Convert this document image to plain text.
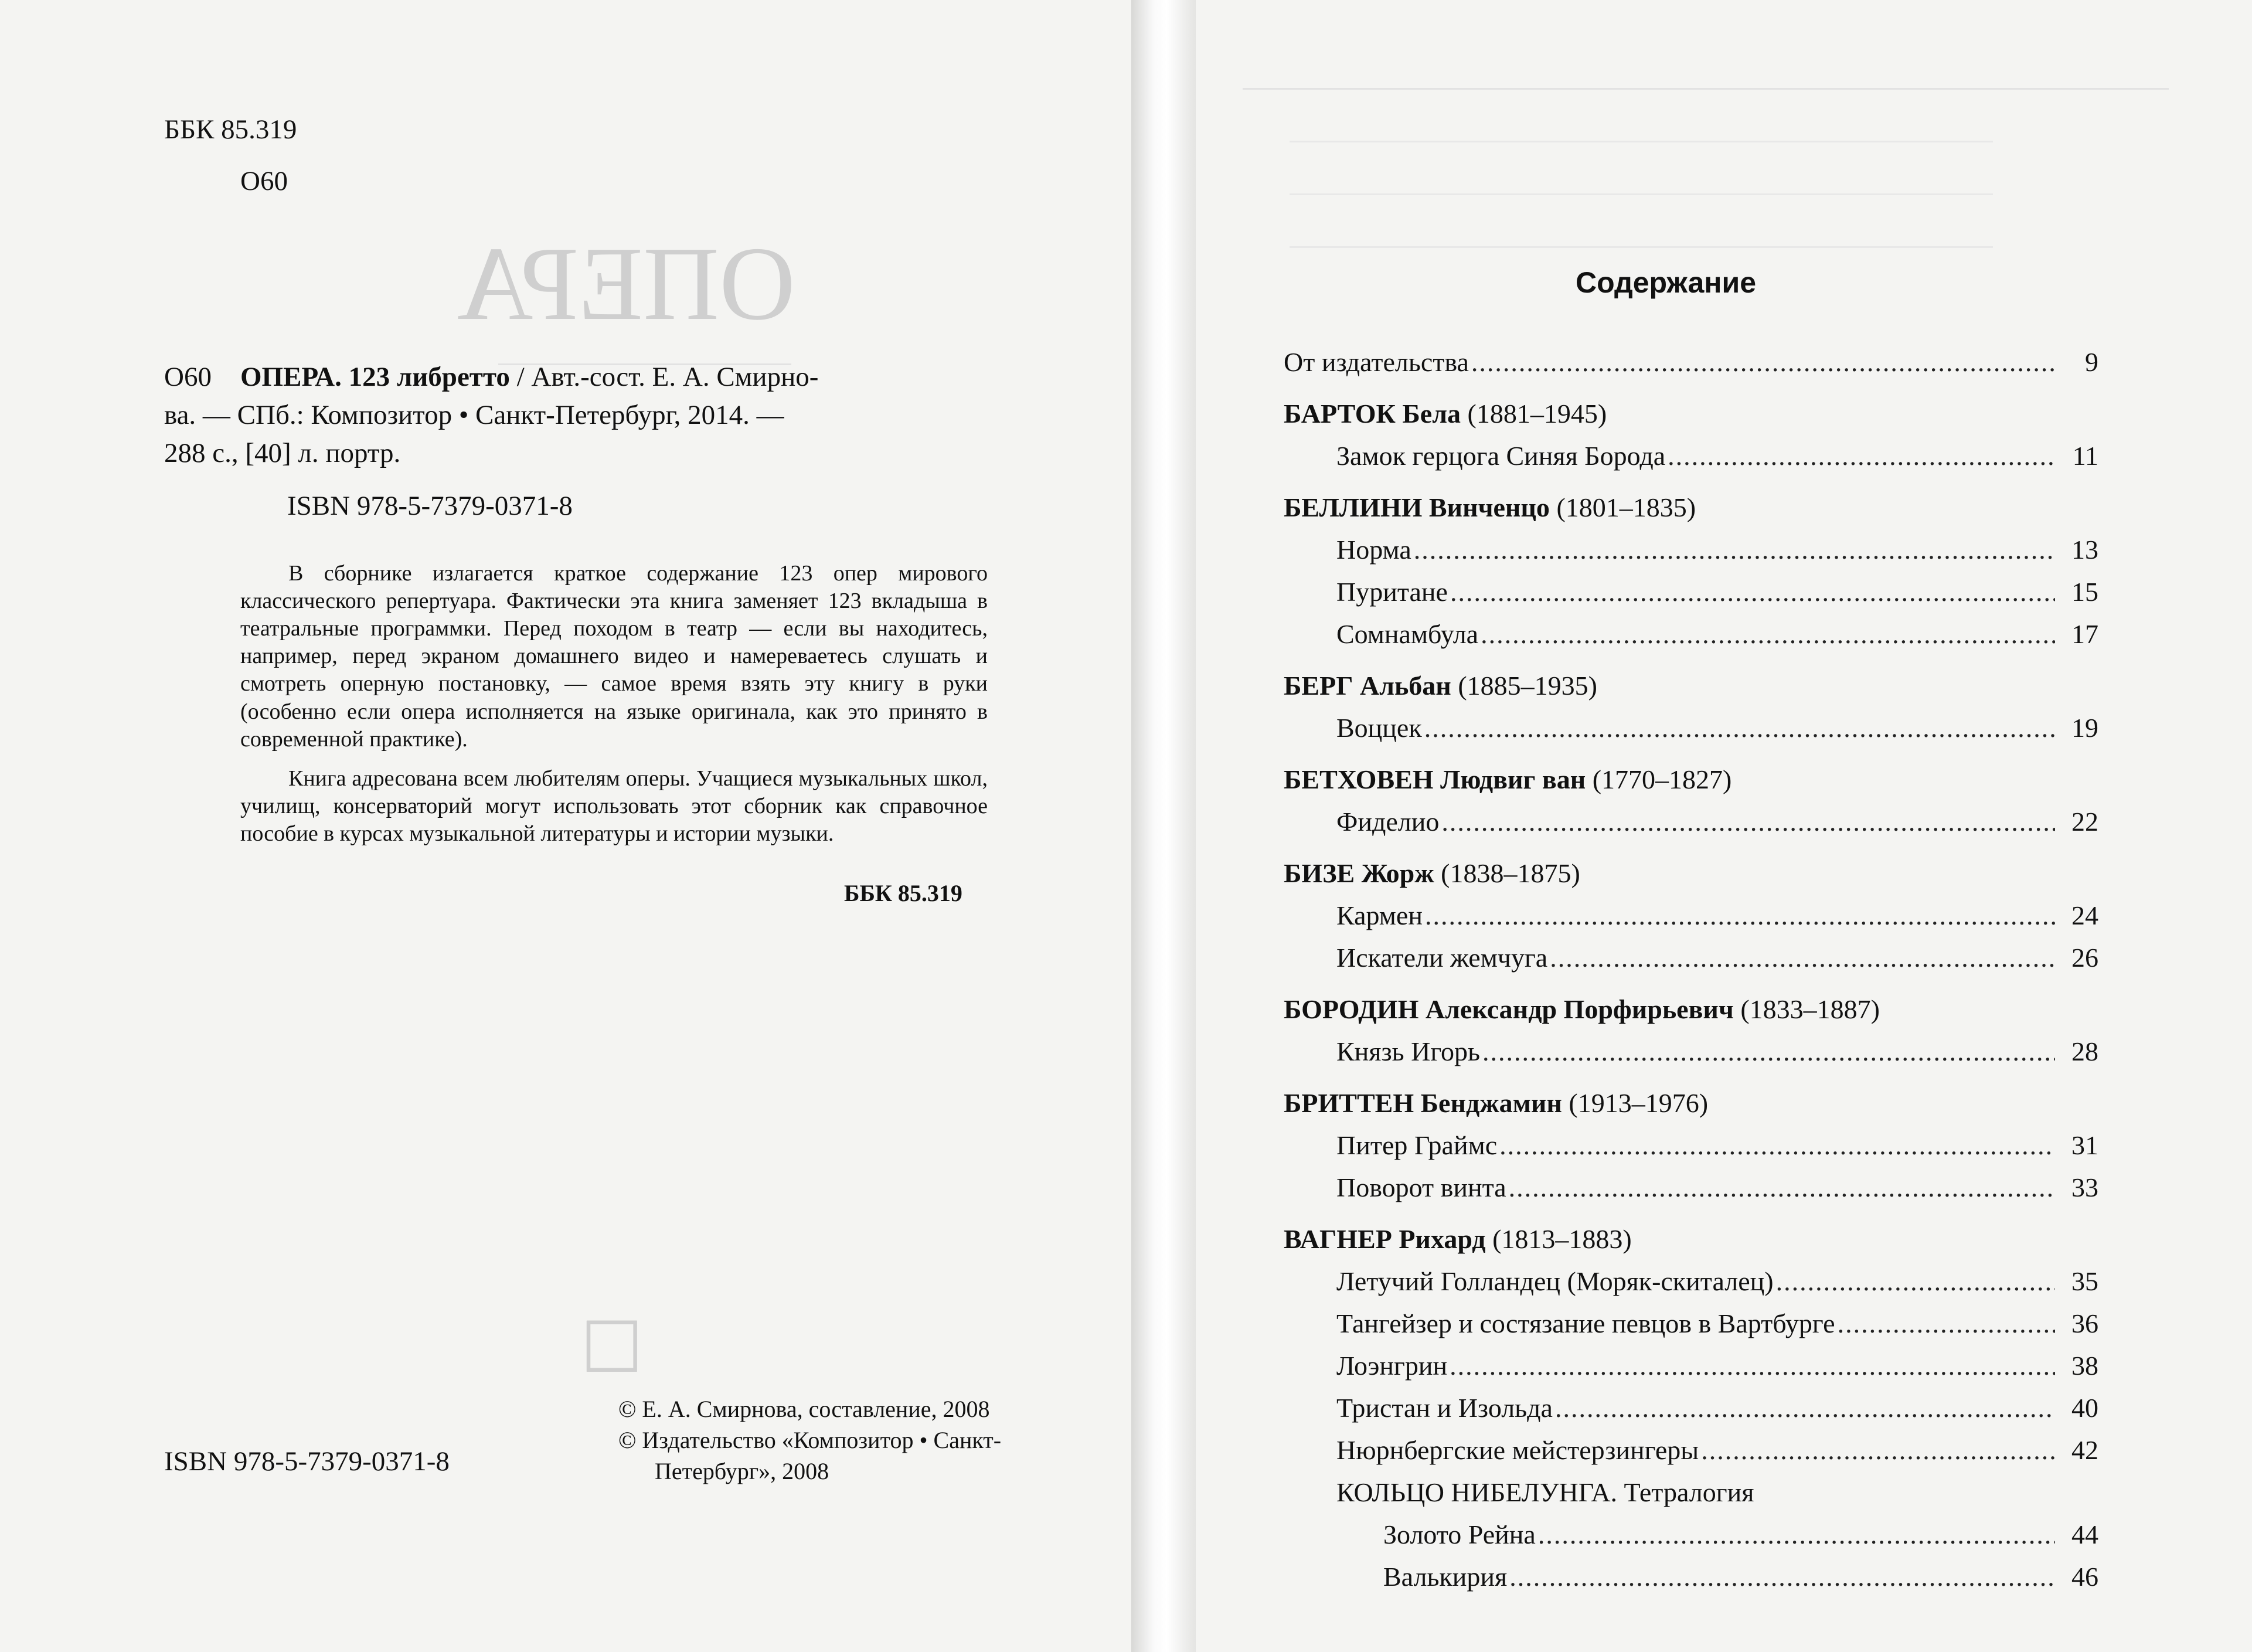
ОПЕРА
☐
ББК 85.319
О60
О60 ОПЕРА. 123 либретто / Авт.-сост. Е. А. Смирно-
ва. — СПб.: Композитор • Санкт-Петербург, 2014. —
288 с., [40] л. портр.
ISBN 978-5-7379-0371-8
В сборнике излагается краткое содержание 123 опер мирового классического репертуара. Фактически эта книга заменяет 123 вкладыша в театральные программки. Перед походом в театр — если вы находитесь, например, перед экраном домашнего видео и намереваетесь слушать и смотреть оперную постановку, — самое время взять эту книгу в руки (особенно если опера исполняется на языке оригинала, как это принято в современной практике).
Книга адресована всем любителям оперы. Учащиеся музыкальных школ, училищ, консерваторий могут использовать этот сборник как справочное пособие в курсах музыкальной литературы и истории музыки.
ББК 85.319
ISBN 978-5-7379-0371-8
© Е. А. Смирнова, составление, 2008
© Издательство «Композитор • Санкт-
Петербург», 2008
Содержание
От издательства .....	9
БАРТОК Бела (1881–1945)
Замок герцога Синяя Борода .....	11
БЕЛЛИНИ Винченцо (1801–1835)
Норма .....	13
Пуритане .....	15
Сомнамбула .....	17
БЕРГ Альбан (1885–1935)
Воццек .....	19
БЕТХОВЕН Людвиг ван (1770–1827)
Фиделио .....	22
БИЗЕ Жорж (1838–1875)
Кармен .....	24
Искатели жемчуга .....	26
БОРОДИН Александр Порфирьевич (1833–1887)
Князь Игорь .....	28
БРИТТЕН Бенджамин (1913–1976)
Питер Граймс .....	31
Поворот винта .....	33
ВАГНЕР Рихард (1813–1883)
Летучий Голландец (Моряк-скиталец) .....	35
Тангейзер и состязание певцов в Вартбурге .....	36
Лоэнгрин .....	38
Тристан и Изольда .....	40
Нюрнбергские мейстерзингеры .....	42
КОЛЬЦО НИБЕЛУНГА. Тетралогия
Золото Рейна .....	44
Валькирия .....	46
